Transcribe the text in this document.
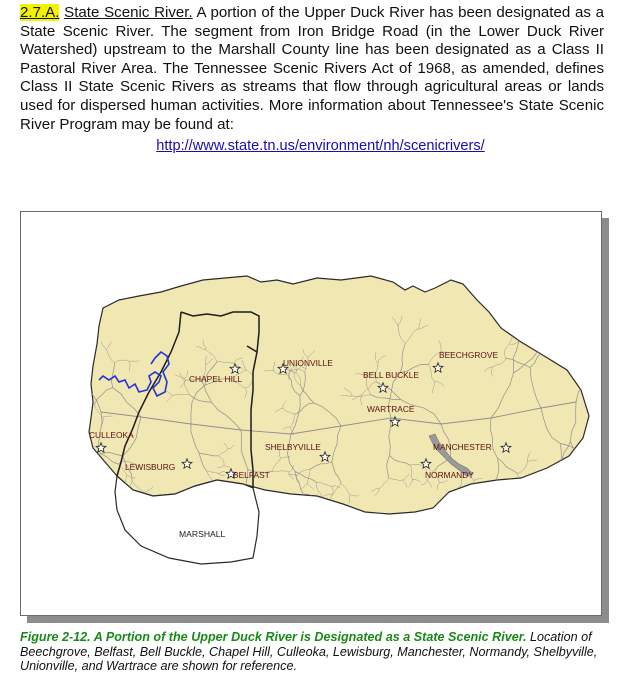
2.7.A. State Scenic River. A portion of the Upper Duck River has been designated as a State Scenic River. The segment from Iron Bridge Road (in the Lower Duck River Watershed) upstream to the Marshall County line has been designated as a Class II Pastoral River Area. The Tennessee Scenic Rivers Act of 1968, as amended, defines Class II State Scenic Rivers as streams that flow through agricultural areas or lands used for dispersed human activities. More information about Tennessee's State Scenic River Program may be found at:
http://www.state.tn.us/environment/nh/scenicrivers/
CULLEOKA
CHAPEL HILL
UNIONVILLE
BELL BUCKLE
BEECHGROVE
WARTRACE
SHELBYVILLE	MANCHESTER
NORMANDY
LEWISBURG
BELFAST
MARSHALL
Figure 2-12. A Portion of the Upper Duck River is Designated as a State Scenic River. Location of Beechgrove, Belfast, Bell Buckle, Chapel Hill, Culleoka, Lewisburg, Manchester, Normandy, Shelbyville, Unionville, and Wartrace are shown for reference.
